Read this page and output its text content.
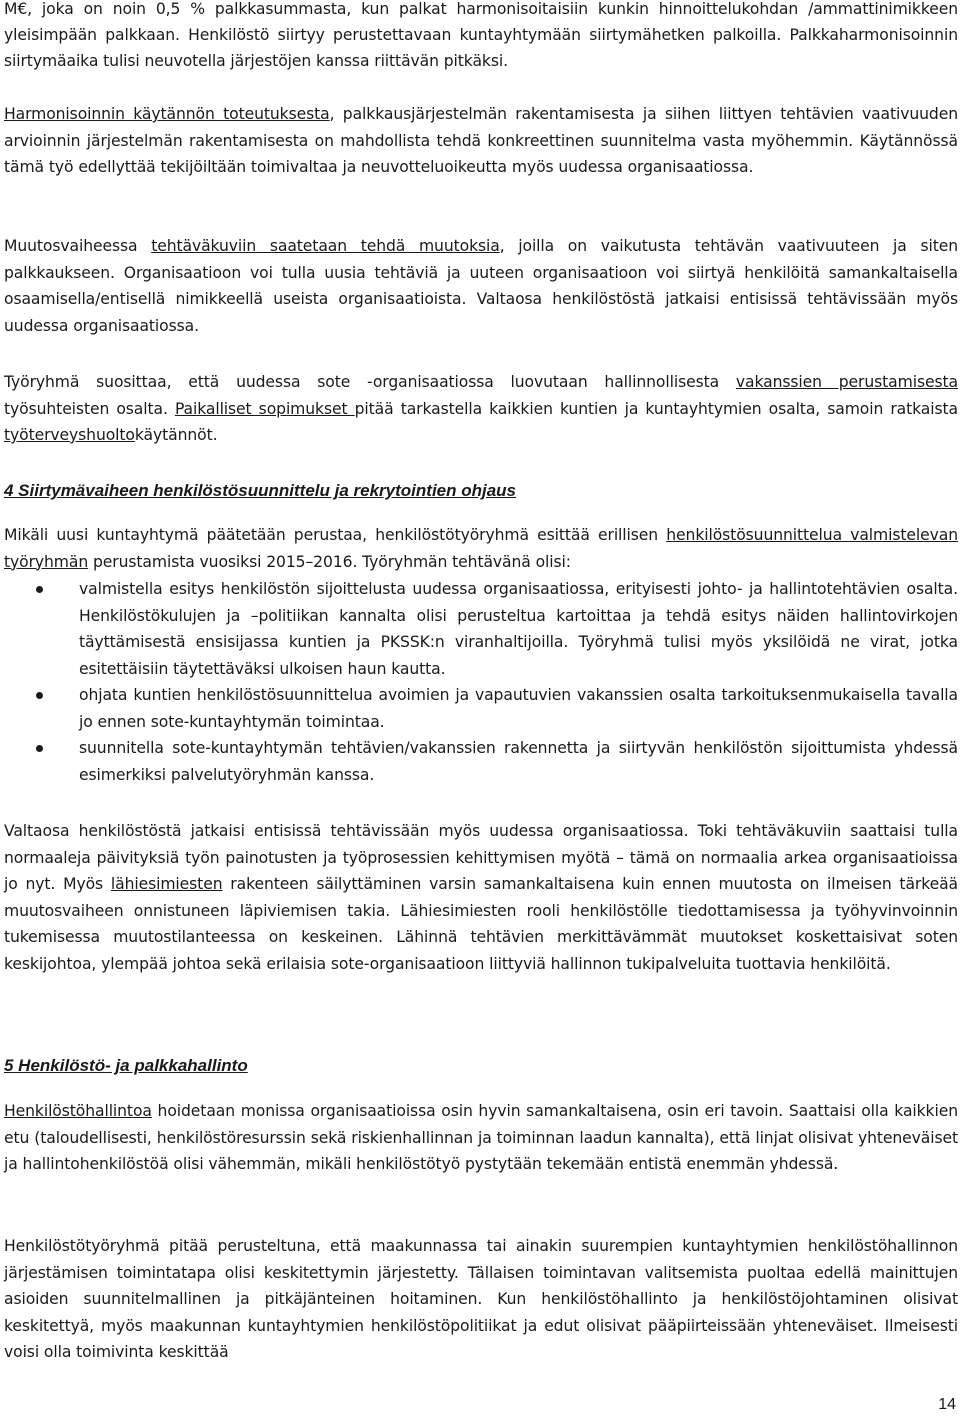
M€, joka on noin 0,5 % palkkasummasta, kun palkat harmonisoitaisiin kunkin hinnoittelukohdan /ammattinimikkeen yleisimpään palkkaan. Henkilöstö siirtyy perustettavaan kuntayhtymään siirtymähetken palkoilla. Palkkaharmonisoinnin siirtymäaika tulisi neuvotella järjestöjen kanssa riittävän pitkäksi.

Harmonisoinnin käytännön toteutuksesta, palkkausjärjestelmän rakentamisesta ja siihen liittyen tehtävien vaativuuden arvioinnin järjestelmän rakentamisesta on mahdollista tehdä konkreettinen suunnitelma vasta myöhemmin. Käytännössä tämä työ edellyttää tekijöiltään toimivaltaa ja neuvotteluoikeutta myös uudessa organisaatiossa.

Muutosvaiheessa tehtäväkuviin saatetaan tehdä muutoksia, joilla on vaikutusta tehtävän vaativuuteen ja siten palkkaukseen. Organisaatioon voi tulla uusia tehtäviä ja uuteen organisaatioon voi siirtyä henkilöitä samankaltaisella osaamisella/entisellä nimikkeellä useista organisaatioista. Valtaosa henkilöstöstä jatkaisi entisissä tehtävissään myös uudessa organisaatiossa.

Työryhmä suosittaa, että uudessa sote -organisaatiossa luovutaan hallinnollisesta vakanssien perustamisesta työsuhteisten osalta. Paikalliset sopimukset pitää tarkastella kaikkien kuntien ja kuntayhtymien osalta, samoin ratkaista työterveyshuoltokäytännöt.

4 Siirtymävaiheen henkilöstösuunnittelu ja rekrytointien ohjaus

Mikäli uusi kuntayhtymä päätetään perustaa, henkilöstötyöryhmä esittää erillisen henkilöstösuunnittelua valmistelevan työryhmän perustamista vuosiksi 2015–2016. Työryhmän tehtävänä olisi:

valmistella esitys henkilöstön sijoittelusta uudessa organisaatiossa, erityisesti johto- ja hallintotehtävien osalta. Henkilöstökulujen ja –politiikan kannalta olisi perusteltua kartoittaa ja tehdä esitys näiden hallintovirkojen täyttämisestä ensisijassa kuntien ja PKSSK:n viranhaltijoilla. Työryhmä tulisi myös yksilöidä ne virat, jotka esitettäisiin täytettäväksi ulkoisen haun kautta.
ohjata kuntien henkilöstösuunnittelua avoimien ja vapautuvien vakanssien osalta tarkoituksenmukaisella tavalla jo ennen sote-kuntayhtymän toimintaa.
suunnitella sote-kuntayhtymän tehtävien/vakanssien rakennetta ja siirtyvän henkilöstön sijoittumista yhdessä esimerkiksi palvelutyöryhmän kanssa.

Valtaosa henkilöstöstä jatkaisi entisissä tehtävissään myös uudessa organisaatiossa. Toki tehtäväkuviin saattaisi tulla normaaleja päivityksiä työn painotusten ja työprosessien kehittymisen myötä – tämä on normaalia arkea organisaatioissa jo nyt. Myös lähiesimiesten rakenteen säilyttäminen varsin samankaltaisena kuin ennen muutosta on ilmeisen tärkeää muutosvaiheen onnistuneen läpiviemisen takia. Lähiesimiesten rooli henkilöstölle tiedottamisessa ja työhyvinvoinnin tukemisessa muutostilanteessa on keskeinen. Lähinnä tehtävien merkittävämmät muutokset koskettaisivat soten keskijohtoa, ylempää johtoa sekä erilaisia sote-organisaatioon liittyviä hallinnon tukipalveluita tuottavia henkilöitä.

5 Henkilöstö- ja palkkahallinto

Henkilöstöhallintoa hoidetaan monissa organisaatioissa osin hyvin samankaltaisena, osin eri tavoin. Saattaisi olla kaikkien etu (taloudellisesti, henkilöstöresurssin sekä riskienhallinnan ja toiminnan laadun kannalta), että linjat olisivat yhteneväiset ja hallintohenkilöstöä olisi vähemmän, mikäli henkilöstötyö pystytään tekemään entistä enemmän yhdessä.

Henkilöstötyöryhmä pitää perusteltuna, että maakunnassa tai ainakin suurempien kuntayhtymien henkilöstöhallinnon järjestämisen toimintatapa olisi keskitettymin järjestetty. Tällaisen toimintavan valitsemista puoltaa edellä mainittujen asioiden suunnitelmallinen ja pitkäjänteinen hoitaminen. Kun henkilöstöhallinto ja henkilöstöjohtaminen olisivat keskitettyä, myös maakunnan kuntayhtymien henkilöstöpolitiikat ja edut olisivat pääpiirteissään yhteneväiset. Ilmeisesti voisi olla toimivinta keskittää

14
